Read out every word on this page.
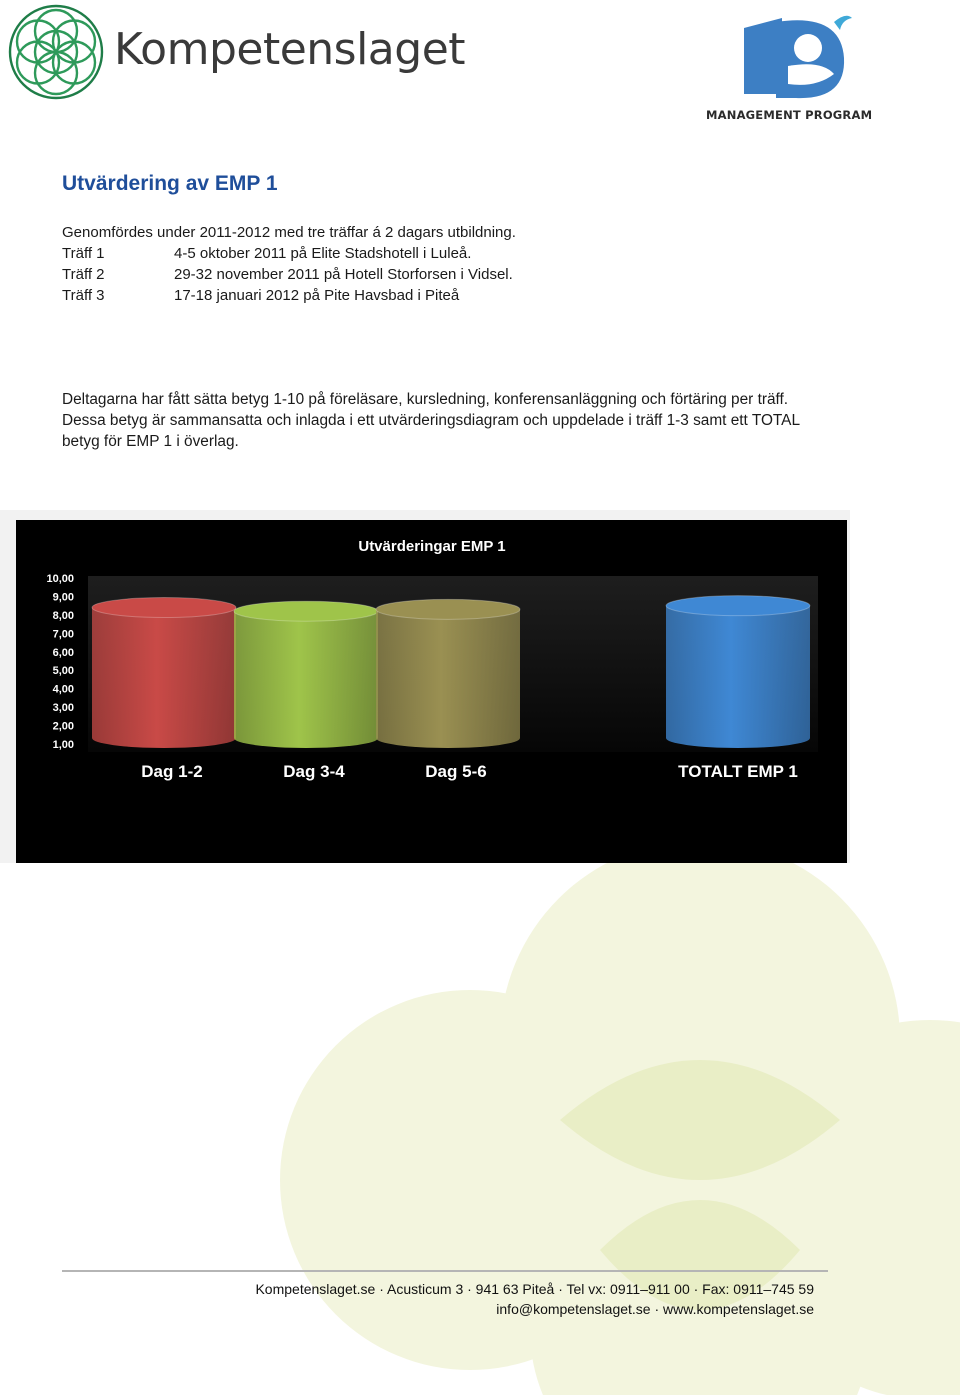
Kompetenslaget
MANAGEMENT PROGRAM
Utvärdering av EMP 1
Genomfördes under 2011-2012 med tre träffar á 2 dagars utbildning.
Träff 1	4-5 oktober 2011 på Elite Stadshotell i Luleå.
Träff 2	29-32 november 2011 på Hotell Storforsen i Vidsel.
Träff 3	17-18 januari 2012 på Pite Havsbad i Piteå

Deltagarna har fått sätta betyg 1-10 på föreläsare, kursledning, konferensanläggning och förtäring per träff. Dessa betyg är sammansatta och inlagda i ett utvärderingsdiagram och uppdelade i träff 1-3 samt ett TOTAL betyg för EMP 1 i överlag.

Utvärderingar EMP 1
10,00
9,00
8,00
7,00
6,00
5,00
4,00
3,00
2,00
1,00
Dag 1-2	Dag 3-4	Dag 5-6	TOTALT EMP 1
Kompetenslaget.se · Acusticum 3 · 941 63 Piteå · Tel vx: 0911–911 00 · Fax: 0911–745 59
info@kompetenslaget.se · www.kompetenslaget.se
